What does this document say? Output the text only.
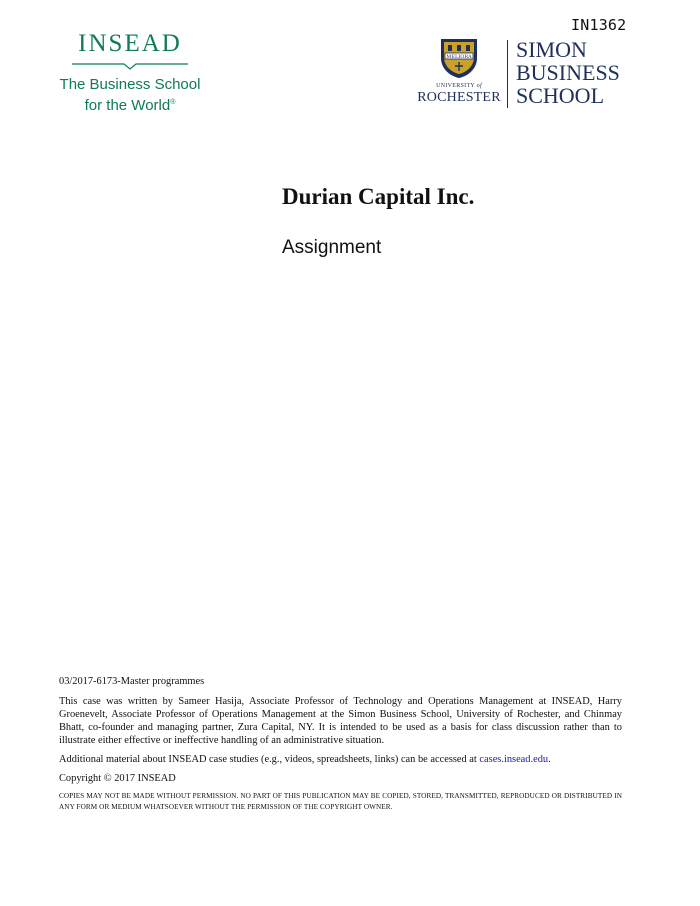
IN1362
INSEAD
The Business School
for the World®
MELIORA
UNIVERSITY of
ROCHESTER
SIMON
BUSINESS
SCHOOL
Durian Capital Inc.
Assignment

03/2017-6173-Master programmes

This case was written by Sameer Hasija, Associate Professor of Technology and Operations Management at INSEAD, Harry Groenevelt, Associate Professor of Operations Management at the Simon Business School, University of Rochester, and Chinmay Bhatt, co-founder and managing partner, Zura Capital, NY. It is intended to be used as a basis for class discussion rather than to illustrate either effective or ineffective handling of an administrative situation.

Additional material about INSEAD case studies (e.g., videos, spreadsheets, links) can be accessed at cases.insead.edu.

Copyright © 2017 INSEAD

COPIES MAY NOT BE MADE WITHOUT PERMISSION. NO PART OF THIS PUBLICATION MAY BE COPIED, STORED, TRANSMITTED, REPRODUCED OR DISTRIBUTED IN ANY FORM OR MEDIUM WHATSOEVER WITHOUT THE PERMISSION OF THE COPYRIGHT OWNER.
